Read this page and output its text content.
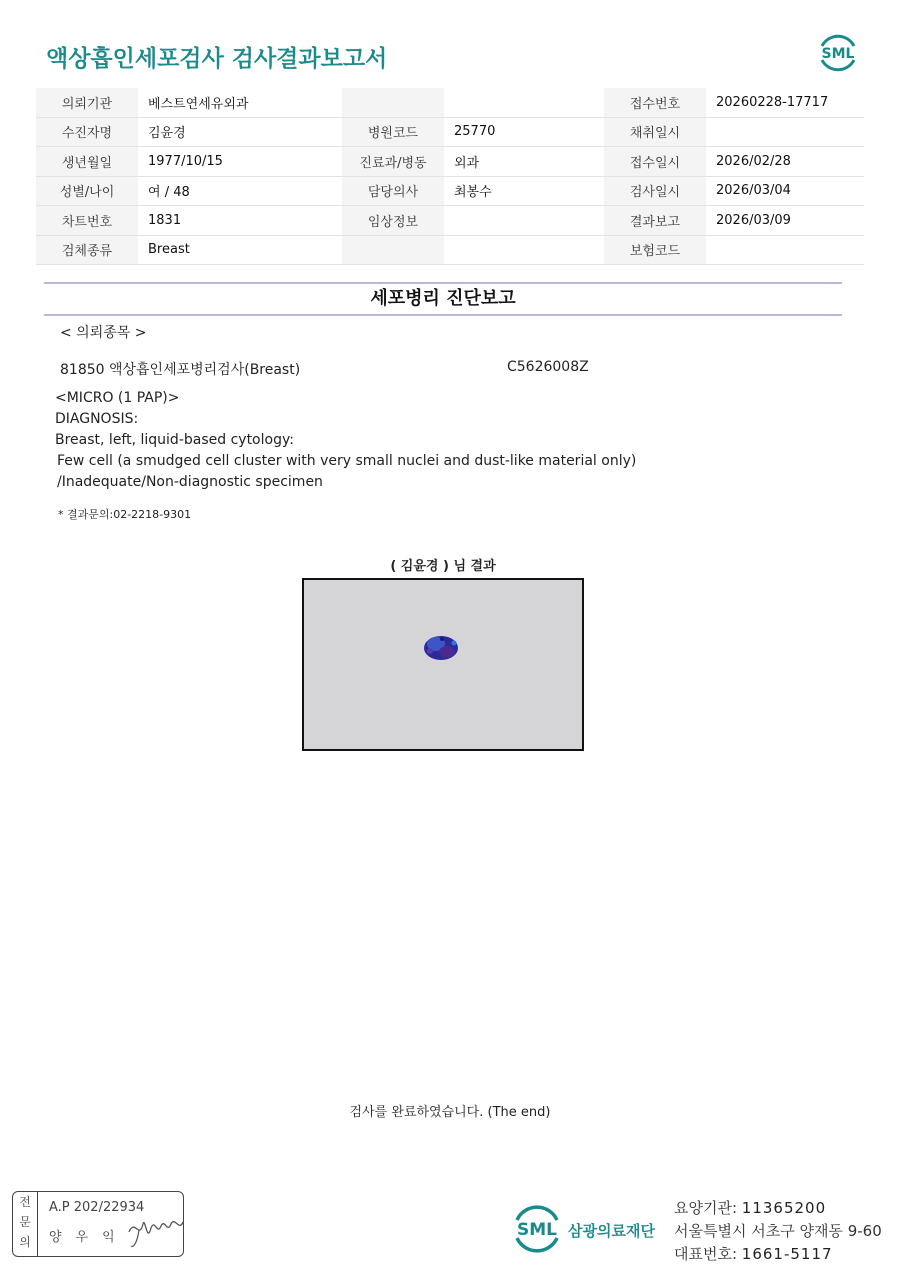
액상흡인세포검사 검사결과보고서	SML
의뢰기관	베스트연세유외과			접수번호	20260228-17717
수진자명	김윤경	병원코드	25770	채취일시	
생년월일	1977/10/15	진료과/병동	외과	접수일시	2026/02/28
성별/나이	여 / 48	담당의사	최봉수	검사일시	2026/03/04
차트번호	1831	임상정보		결과보고	2026/03/09
검체종류	Breast			보험코드	
세포병리 진단보고
< 의뢰종목 >
81850 액상흡인세포병리검사(Breast)	C5626008Z
<MICRO (1 PAP)>
DIAGNOSIS:
Breast, left, liquid-based cytology:
Few cell (a smudged cell cluster with very small nuclei and dust-like material only)
/Inadequate/Non-diagnostic specimen
* 결과문의:02-2218-9301
( 김윤경 ) 님 결과
검사를 완료하였습니다. (The end)
전
문
의
A.P 202/22934
양우익	SML 삼광의료재단
요양기관: 11365200
서울특별시 서초구 양재동 9-60
대표번호: 1661-5117
